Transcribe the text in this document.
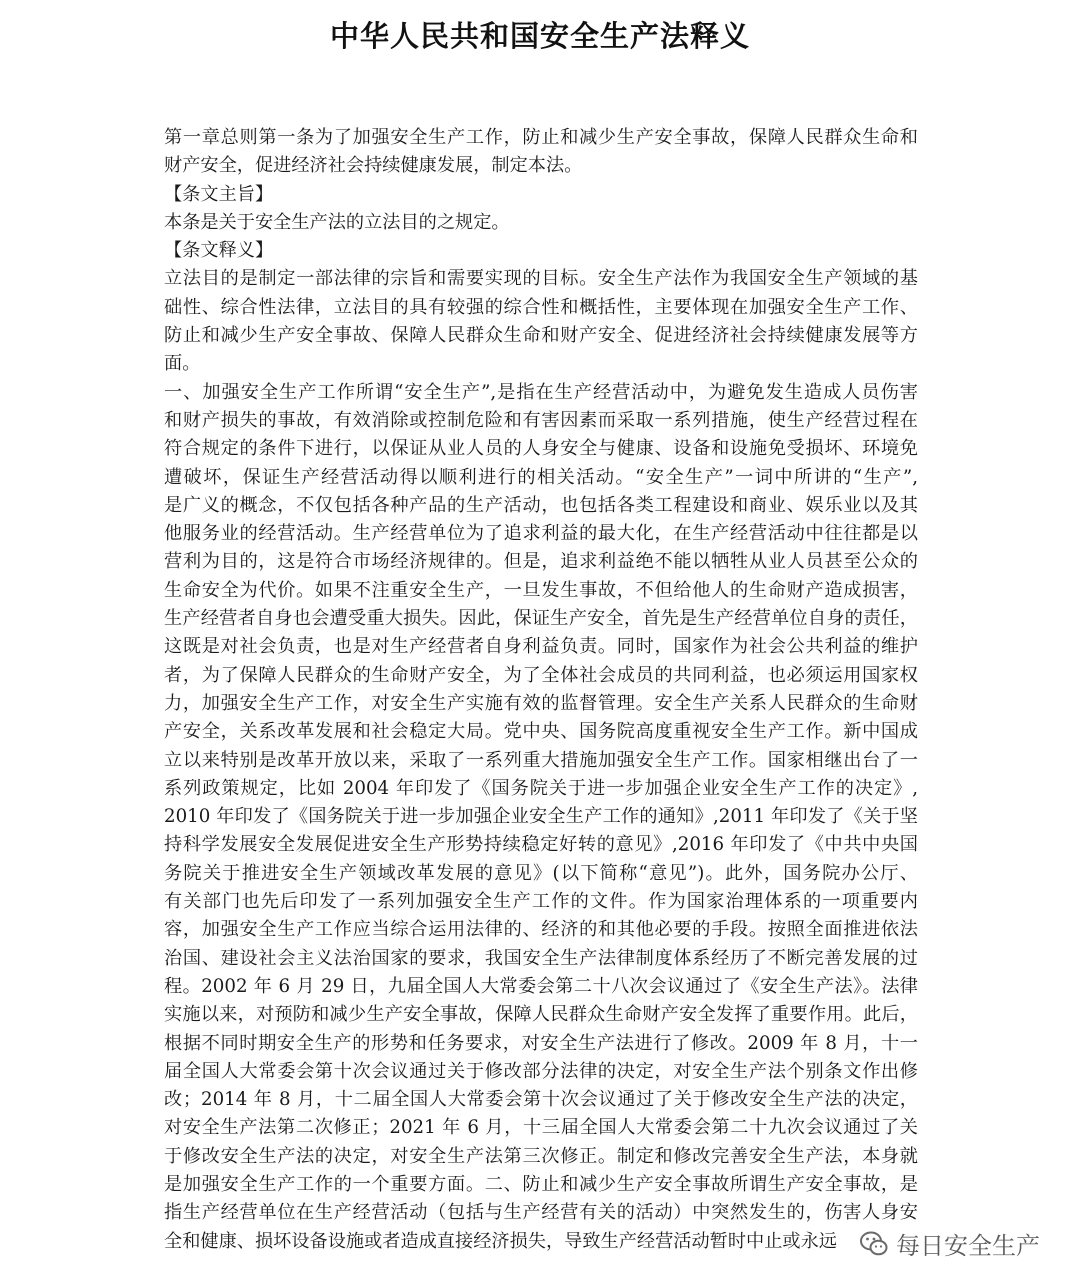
中华人民共和国安全生产法释义
第一章总则第一条为了加强安全生产工作，防止和减少生产安全事故，保障人民群众生命和
财产安全，促进经济社会持续健康发展，制定本法。
【条文主旨】
本条是关于安全生产法的立法目的之规定。
【条文释义】
立法目的是制定一部法律的宗旨和需要实现的目标。安全生产法作为我国安全生产领域的基
础性、综合性法律，立法目的具有较强的综合性和概括性，主要体现在加强安全生产工作、
防止和减少生产安全事故、保障人民群众生命和财产安全、促进经济社会持续健康发展等方
面。
一、加强安全生产工作所谓“安全生产”,是指在生产经营活动中，为避免发生造成人员伤害
和财产损失的事故，有效消除或控制危险和有害因素而采取一系列措施，使生产经营过程在
符合规定的条件下进行，以保证从业人员的人身安全与健康、设备和设施免受损坏、环境免
遭破坏，保证生产经营活动得以顺利进行的相关活动。“安全生产”一词中所讲的“生产”,
是广义的概念，不仅包括各种产品的生产活动，也包括各类工程建设和商业、娱乐业以及其
他服务业的经营活动。生产经营单位为了追求利益的最大化，在生产经营活动中往往都是以
营利为目的，这是符合市场经济规律的。但是，追求利益绝不能以牺牲从业人员甚至公众的
生命安全为代价。如果不注重安全生产，一旦发生事故，不但给他人的生命财产造成损害，
生产经营者自身也会遭受重大损失。因此，保证生产安全，首先是生产经营单位自身的责任，
这既是对社会负责，也是对生产经营者自身利益负责。同时，国家作为社会公共利益的维护
者，为了保障人民群众的生命财产安全，为了全体社会成员的共同利益，也必须运用国家权
力，加强安全生产工作，对安全生产实施有效的监督管理。安全生产关系人民群众的生命财
产安全，关系改革发展和社会稳定大局。党中央、国务院高度重视安全生产工作。新中国成
立以来特别是改革开放以来，采取了一系列重大措施加强安全生产工作。国家相继出台了一
系列政策规定，比如 2004 年印发了《国务院关于进一步加强企业安全生产工作的决定》,
2010 年印发了《国务院关于进一步加强企业安全生产工作的通知》,2011 年印发了《关于坚
持科学发展安全发展促进安全生产形势持续稳定好转的意见》,2016 年印发了《中共中央国
务院关于推进安全生产领域改革发展的意见》(以下简称“意见”)。此外，国务院办公厅、
有关部门也先后印发了一系列加强安全生产工作的文件。作为国家治理体系的一项重要内
容，加强安全生产工作应当综合运用法律的、经济的和其他必要的手段。按照全面推进依法
治国、建设社会主义法治国家的要求，我国安全生产法律制度体系经历了不断完善发展的过
程。2002 年 6 月 29 日，九届全国人大常委会第二十八次会议通过了《安全生产法》。法律
实施以来，对预防和减少生产安全事故，保障人民群众生命财产安全发挥了重要作用。此后，
根据不同时期安全生产的形势和任务要求，对安全生产法进行了修改。2009 年 8 月，十一
届全国人大常委会第十次会议通过关于修改部分法律的决定，对安全生产法个别条文作出修
改；2014 年 8 月，十二届全国人大常委会第十次会议通过了关于修改安全生产法的决定，
对安全生产法第二次修正；2021 年 6 月，十三届全国人大常委会第二十九次会议通过了关
于修改安全生产法的决定，对安全生产法第三次修正。制定和修改完善安全生产法，本身就
是加强安全生产工作的一个重要方面。二、防止和减少生产安全事故所谓生产安全事故，是
指生产经营单位在生产经营活动（包括与生产经营有关的活动）中突然发生的，伤害人身安
全和健康、损坏设备设施或者造成直接经济损失，导致生产经营活动暂时中止或永远	每日安全生产
